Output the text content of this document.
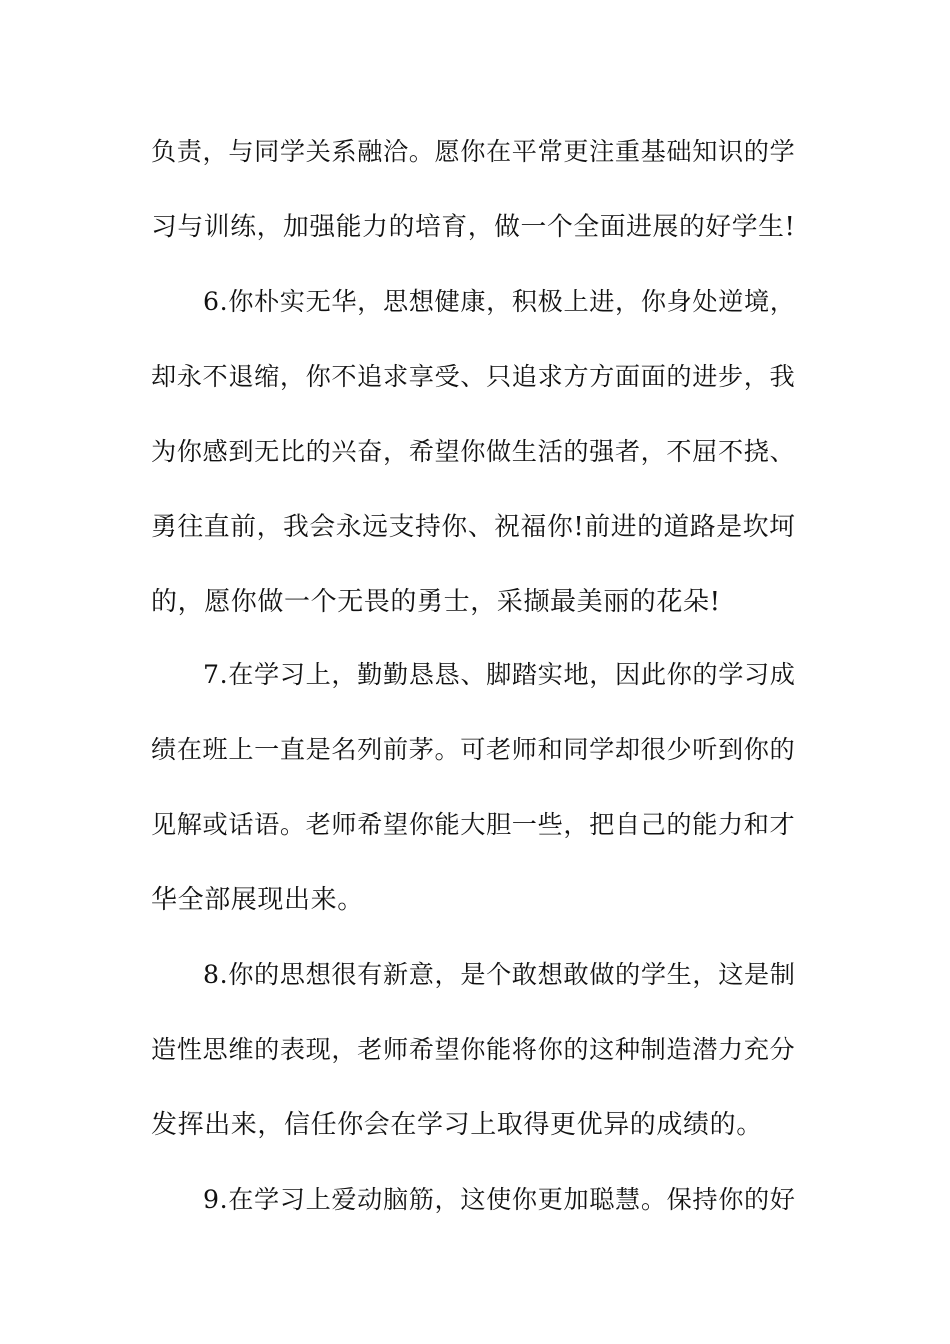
负责，与同学关系融洽。愿你在平常更注重基础知识的学
习与训练，加强能力的培育，做一个全面进展的好学生!
6.你朴实无华，思想健康，积极上进，你身处逆境，
却永不退缩，你不追求享受、只追求方方面面的进步，我
为你感到无比的兴奋，希望你做生活的强者，不屈不挠、
勇往直前，我会永远支持你、祝福你!前进的道路是坎坷
的，愿你做一个无畏的勇士，采撷最美丽的花朵!
7.在学习上，勤勤恳恳、脚踏实地，因此你的学习成
绩在班上一直是名列前茅。可老师和同学却很少听到你的
见解或话语。老师希望你能大胆一些，把自己的能力和才
华全部展现出来。
8.你的思想很有新意，是个敢想敢做的学生，这是制
造性思维的表现，老师希望你能将你的这种制造潜力充分
发挥出来，信任你会在学习上取得更优异的成绩的。
9.在学习上爱动脑筋，这使你更加聪慧。保持你的好
